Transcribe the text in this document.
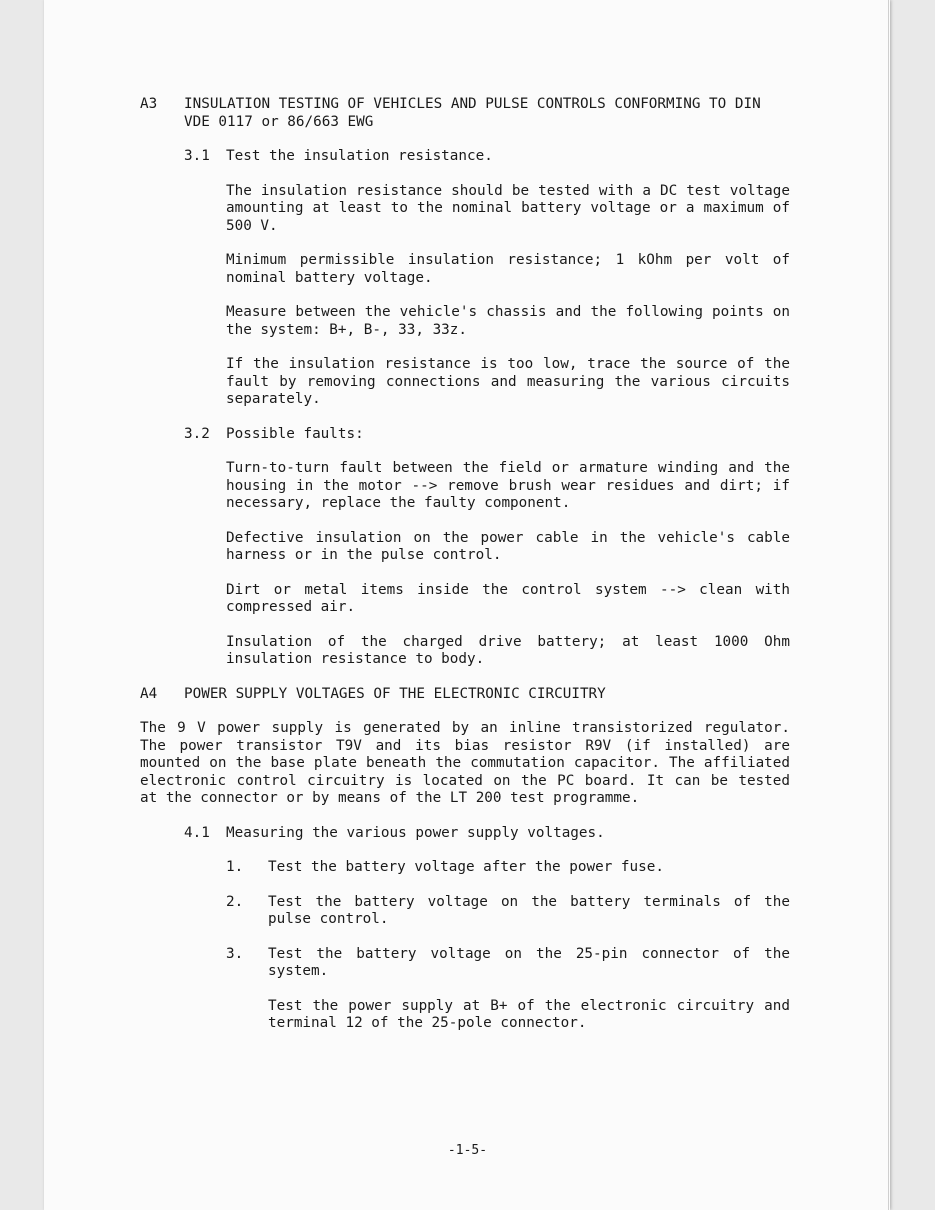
A3	INSULATION TESTING OF VEHICLES AND PULSE CONTROLS CONFORMING TO DIN VDE 0117 or 86/663 EWG
3.1	Test the insulation resistance.

The insulation resistance should be tested with a DC test voltage amounting at least to the nominal battery voltage or a maximum of 500 V.

Minimum permissible insulation resistance; 1 kOhm per volt of nominal battery voltage.

Measure between the vehicle's chassis and the following points on the system: B+, B-, 33, 33z.

If the insulation resistance is too low, trace the source of the fault by removing connections and measuring the various circuits separately.

3.2	Possible faults:

Turn-to-turn fault between the field or armature winding and the housing in the motor --> remove brush wear residues and dirt; if necessary, replace the faulty component.

Defective insulation on the power cable in the vehicle's cable harness or in the pulse control.

Dirt or metal items inside the control system --> clean with compressed air.

Insulation of the charged drive battery; at least 1000 Ohm insulation resistance to body.

A4	POWER SUPPLY VOLTAGES OF THE ELECTRONIC CIRCUITRY

The 9 V power supply is generated by an inline transistorized regulator. The power transistor T9V and its bias resistor R9V (if installed) are mounted on the base plate beneath the commutation capacitor. The affiliated electronic control circuitry is located on the PC board. It can be tested at the connector or by means of the LT 200 test programme.

4.1	Measuring the various power supply voltages.
1.	Test the battery voltage after the power fuse.
2.	Test the battery voltage on the battery terminals of the pulse control.
3.	Test the battery voltage on the 25-pin connector of the system.

Test the power supply at B+ of the electronic circuitry and terminal 12 of the 25-pole connector.

-1-5-
